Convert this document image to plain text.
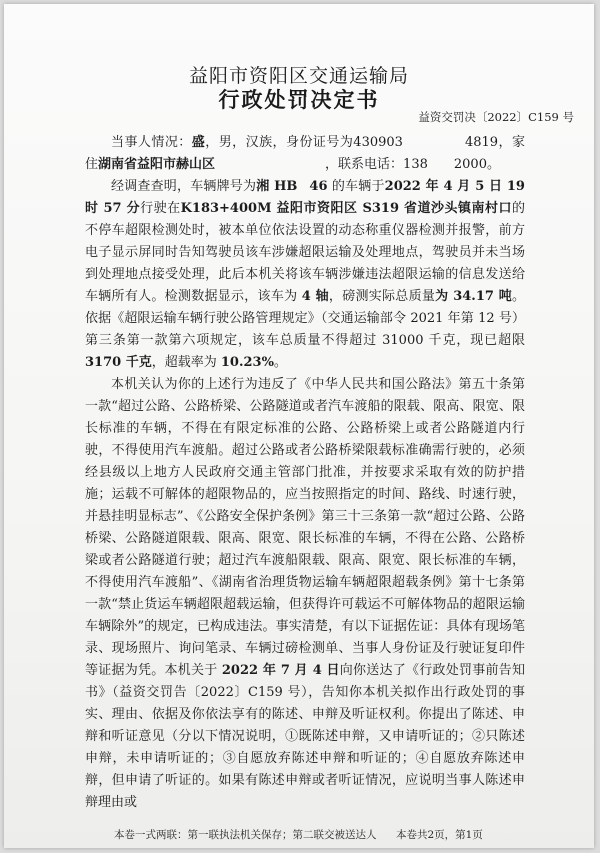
益阳市资阳区交通运输局
行政处罚决定书
益资交罚决〔2022〕C159 号

当事人情况：盛，男，汉族，身份证号为430903	4819，家住湖南省益阳市赫山区	，联系电话：138 2000。

经调查查明，车辆牌号为湘 HB 46 的车辆于2022 年 4 月 5 日 19 时 57 分行驶在K183+400M 益阳市资阳区 S319 省道沙头镇南村口的不停车超限检测处时，被本单位依法设置的动态称重仪器检测并报警，前方电子显示屏同时告知驾驶员该车涉嫌超限运输及处理地点，驾驶员并未当场到处理地点接受处理，此后本机关将该车辆涉嫌违法超限运输的信息发送给车辆所有人。检测数据显示，该车为 4 轴，磅测实际总质量为 34.17 吨。依据《超限运输车辆行驶公路管理规定》（交通运输部令 2021 年第 12 号）第三条第一款第六项规定，该车总质量不得超过 31000 千克，现已超限 3170 千克，超载率为 10.23%。

本机关认为你的上述行为违反了《中华人民共和国公路法》第五十条第一款“超过公路、公路桥梁、公路隧道或者汽车渡船的限载、限高、限宽、限长标准的车辆，不得在有限定标准的公路、公路桥梁上或者公路隧道内行驶，不得使用汽车渡船。超过公路或者公路桥梁限载标准确需行驶的，必须经县级以上地方人民政府交通主管部门批准，并按要求采取有效的防护措施；运载不可解体的超限物品的，应当按照指定的时间、路线、时速行驶，并悬挂明显标志”、《公路安全保护条例》第三十三条第一款“超过公路、公路桥梁、公路隧道限载、限高、限宽、限长标准的车辆，不得在公路、公路桥梁或者公路隧道行驶；超过汽车渡船限载、限高、限宽、限长标准的车辆，不得使用汽车渡船”、《湖南省治理货物运输车辆超限超载条例》第十七条第一款“禁止货运车辆超限超载运输，但获得许可载运不可解体物品的超限运输车辆除外”的规定，已构成违法。事实清楚，有以下证据佐证：具体有现场笔录、现场照片、询问笔录、车辆过磅检测单、当事人身份证及行驶证复印件等证据为凭。本机关于 2022 年 7 月 4 日向你送达了《行政处罚事前告知书》（益资交罚告〔2022〕C159 号），告知你本机关拟作出行政处罚的事实、理由、依据及你依法享有的陈述、申辩及听证权利。你提出了陈述、申辩和听证意见（分以下情况说明，①既陈述申辩，又申请听证的；②只陈述申辩，未申请听证的；③自愿放弃陈述申辩和听证的；④自愿放弃陈述申辩，但申请了听证的。如果有陈述申辩或者听证情况，应说明当事人陈述申辩理由或

本卷一式两联：第一联执法机关保存；第二联交被送达人 本卷共2页，第1页
